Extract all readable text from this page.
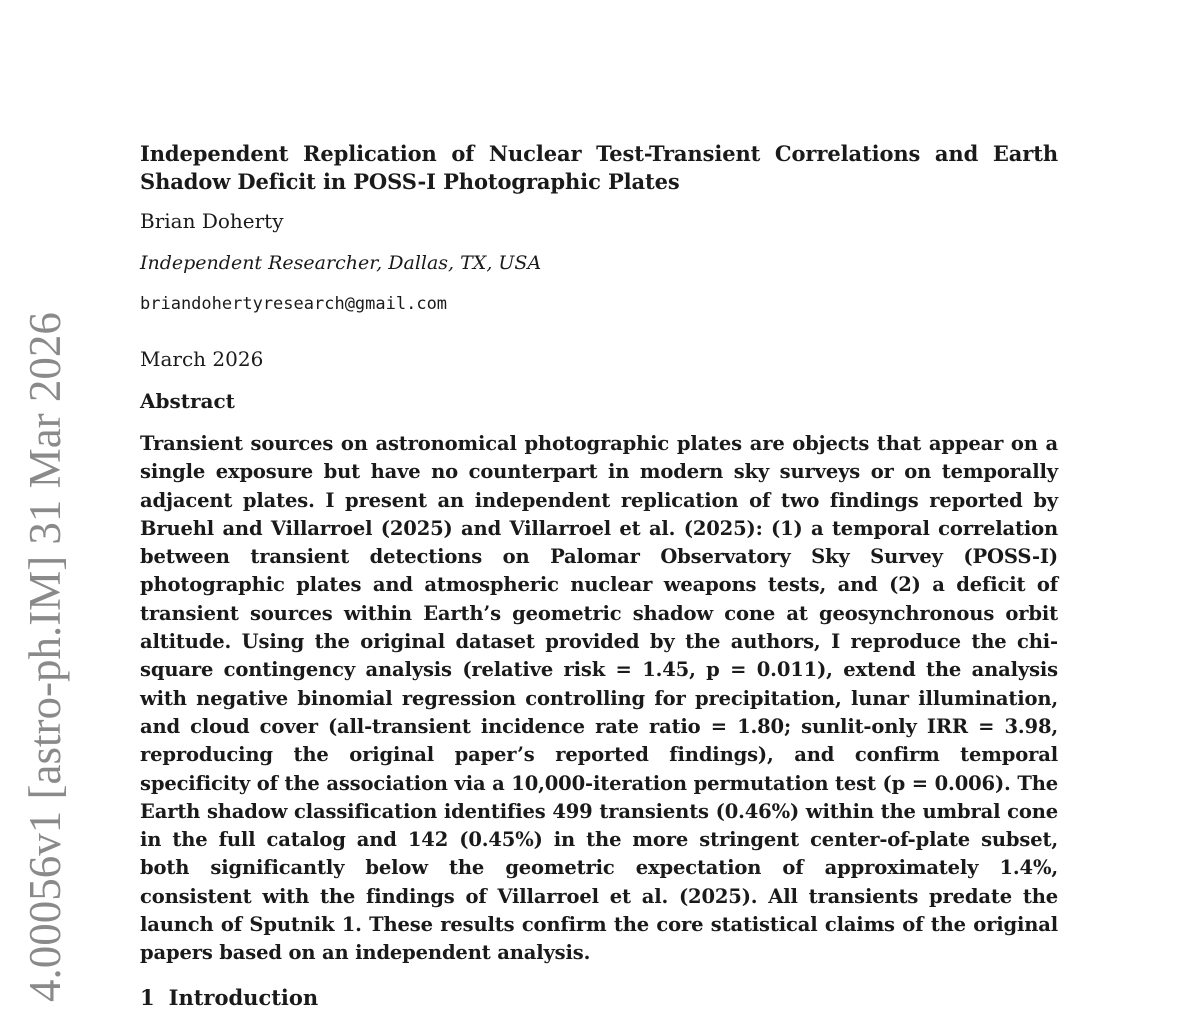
4.00056v1 [astro-ph.IM] 31 Mar 2026
Independent Replication of Nuclear Test-Transient Correlations and Earth Shadow Deficit in POSS-I Photographic Plates
Brian Doherty
Independent Researcher, Dallas, TX, USA
briandohertyresearch@gmail.com
March 2026
Abstract

Transient sources on astronomical photographic plates are objects that appear on a single exposure but have no counterpart in modern sky surveys or on temporally adjacent plates. I present an independent replication of two findings reported by Bruehl and Villarroel (2025) and Villarroel et al. (2025): (1) a temporal correlation between transient detections on Palomar Observatory Sky Survey (POSS-I) photographic plates and atmospheric nuclear weapons tests, and (2) a deficit of transient sources within Earth’s geometric shadow cone at geosynchronous orbit altitude. Using the original dataset provided by the authors, I reproduce the chi-square contingency analysis (relative risk = 1.45, p = 0.011), extend the analysis with negative binomial regression controlling for precipitation, lunar illumination, and cloud cover (all-transient incidence rate ratio = 1.80; sunlit-only IRR = 3.98, reproducing the original paper’s reported findings), and confirm temporal specificity of the association via a 10,000-iteration permutation test (p = 0.006). The Earth shadow classification identifies 499 transients (0.46%) within the umbral cone in the full catalog and 142 (0.45%) in the more stringent center-of-plate subset, both significantly below the geometric expectation of approximately 1.4%, consistent with the findings of Villarroel et al. (2025). All transients predate the launch of Sputnik 1. These results confirm the core statistical claims of the original papers based on an independent analysis.

1 Introduction
